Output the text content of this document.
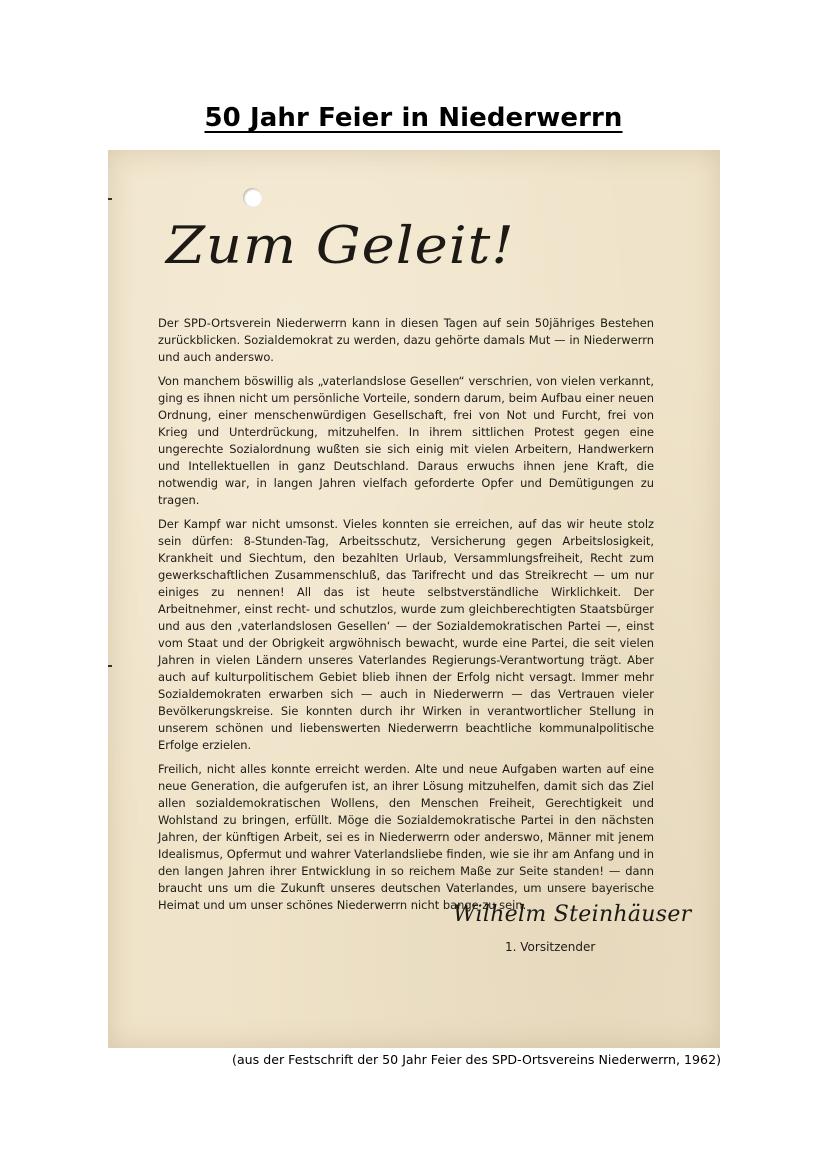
50 Jahr Feier in Niederwerrn
Zum Geleit!

Der SPD-Ortsverein Niederwerrn kann in diesen Tagen auf sein 50jähriges Bestehen zurückblicken. Sozialdemokrat zu werden, dazu gehörte damals Mut — in Niederwerrn und auch anderswo.

Von manchem böswillig als „vaterlandslose Gesellen“ verschrien, von vielen verkannt, ging es ihnen nicht um persönliche Vorteile, sondern darum, beim Aufbau einer neuen Ordnung, einer menschenwürdigen Gesellschaft, frei von Not und Furcht, frei von Krieg und Unterdrückung, mitzuhelfen. In ihrem sittlichen Protest gegen eine ungerechte Sozialordnung wußten sie sich einig mit vielen Arbeitern, Handwerkern und Intellektuellen in ganz Deutschland. Daraus erwuchs ihnen jene Kraft, die notwendig war, in langen Jahren vielfach geforderte Opfer und Demütigungen zu tragen.

Der Kampf war nicht umsonst. Vieles konnten sie erreichen, auf das wir heute stolz sein dürfen: 8-Stunden-Tag, Arbeitsschutz, Versicherung gegen Arbeitslosigkeit, Krankheit und Siechtum, den bezahlten Urlaub, Versammlungsfreiheit, Recht zum gewerkschaftlichen Zusammenschluß, das Tarifrecht und das Streikrecht — um nur einiges zu nennen! All das ist heute selbstverständliche Wirklichkeit. Der Arbeitnehmer, einst recht- und schutzlos, wurde zum gleichberechtigten Staatsbürger und aus den ‚vaterlandslosen Gesellen‘ — der Sozialdemokratischen Partei —, einst vom Staat und der Obrigkeit argwöhnisch bewacht, wurde eine Partei, die seit vielen Jahren in vielen Ländern unseres Vaterlandes Regierungs-Verantwortung trägt. Aber auch auf kulturpolitischem Gebiet blieb ihnen der Erfolg nicht versagt. Immer mehr Sozialdemokraten erwarben sich — auch in Niederwerrn — das Vertrauen vieler Bevölkerungskreise. Sie konnten durch ihr Wirken in verantwortlicher Stellung in unserem schönen und liebenswerten Niederwerrn beachtliche kommunalpolitische Erfolge erzielen.

Freilich, nicht alles konnte erreicht werden. Alte und neue Aufgaben warten auf eine neue Generation, die aufgerufen ist, an ihrer Lösung mitzuhelfen, damit sich das Ziel allen sozialdemokratischen Wollens, den Menschen Freiheit, Gerechtigkeit und Wohlstand zu bringen, erfüllt. Möge die Sozialdemokratische Partei in den nächsten Jahren, der künftigen Arbeit, sei es in Niederwerrn oder anderswo, Männer mit jenem Idealismus, Opfermut und wahrer Vaterlandsliebe finden, wie sie ihr am Anfang und in den langen Jahren ihrer Entwicklung in so reichem Maße zur Seite standen! — dann braucht uns um die Zukunft unseres deutschen Vaterlandes, um unsere bayerische Heimat und um unser schönes Niederwerrn nicht bange zu sein.

Wilhelm Steinhäuser
1. Vorsitzender
(aus der Festschrift der 50 Jahr Feier des SPD-Ortsvereins Niederwerrn, 1962)
